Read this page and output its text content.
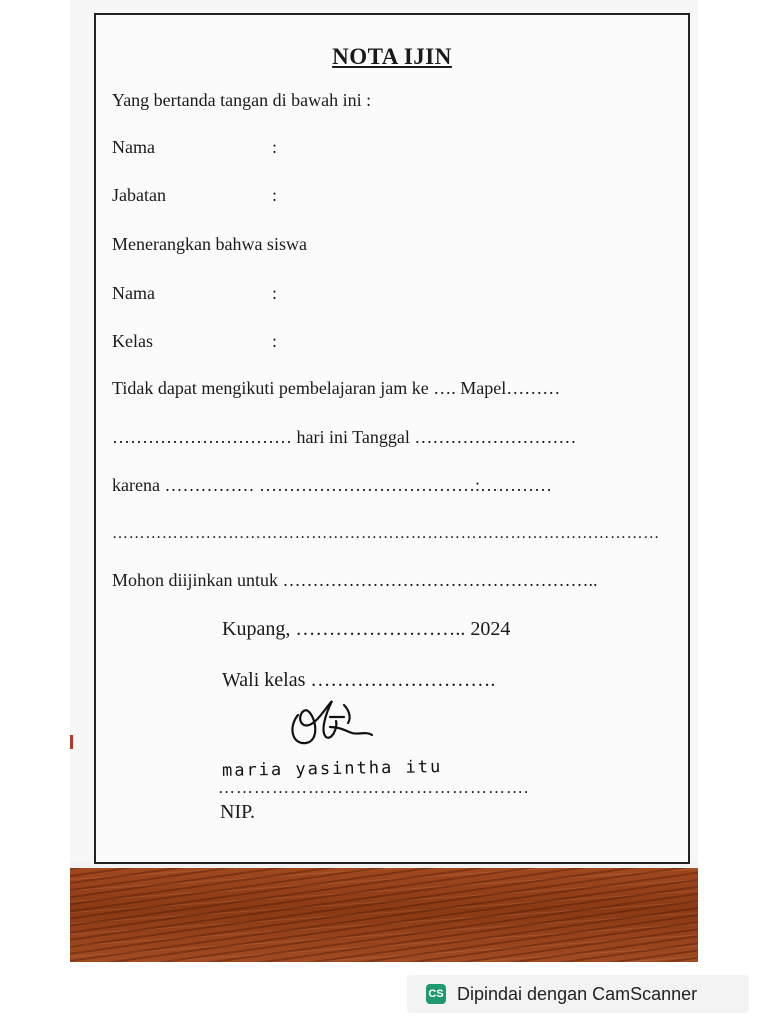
NOTA IJIN
Yang bertanda tangan di bawah ini :
Nama	:
Jabatan	:
Menerangkan bahwa siswa
Nama	:
Kelas	:
Tidak dapat mengikuti pembelajaran jam ke …. Mapel………
………………………… hari ini Tanggal ………………………
karena …………… ………………………………:…………
………………………………………………………………………………………
Mohon diijinkan untuk ……………………………………………..
Kupang, …………………….. 2024
Wali kelas ……………………….
maria yasintha itu
…………………………………………….
NIP.
CS Dipindai dengan CamScanner
